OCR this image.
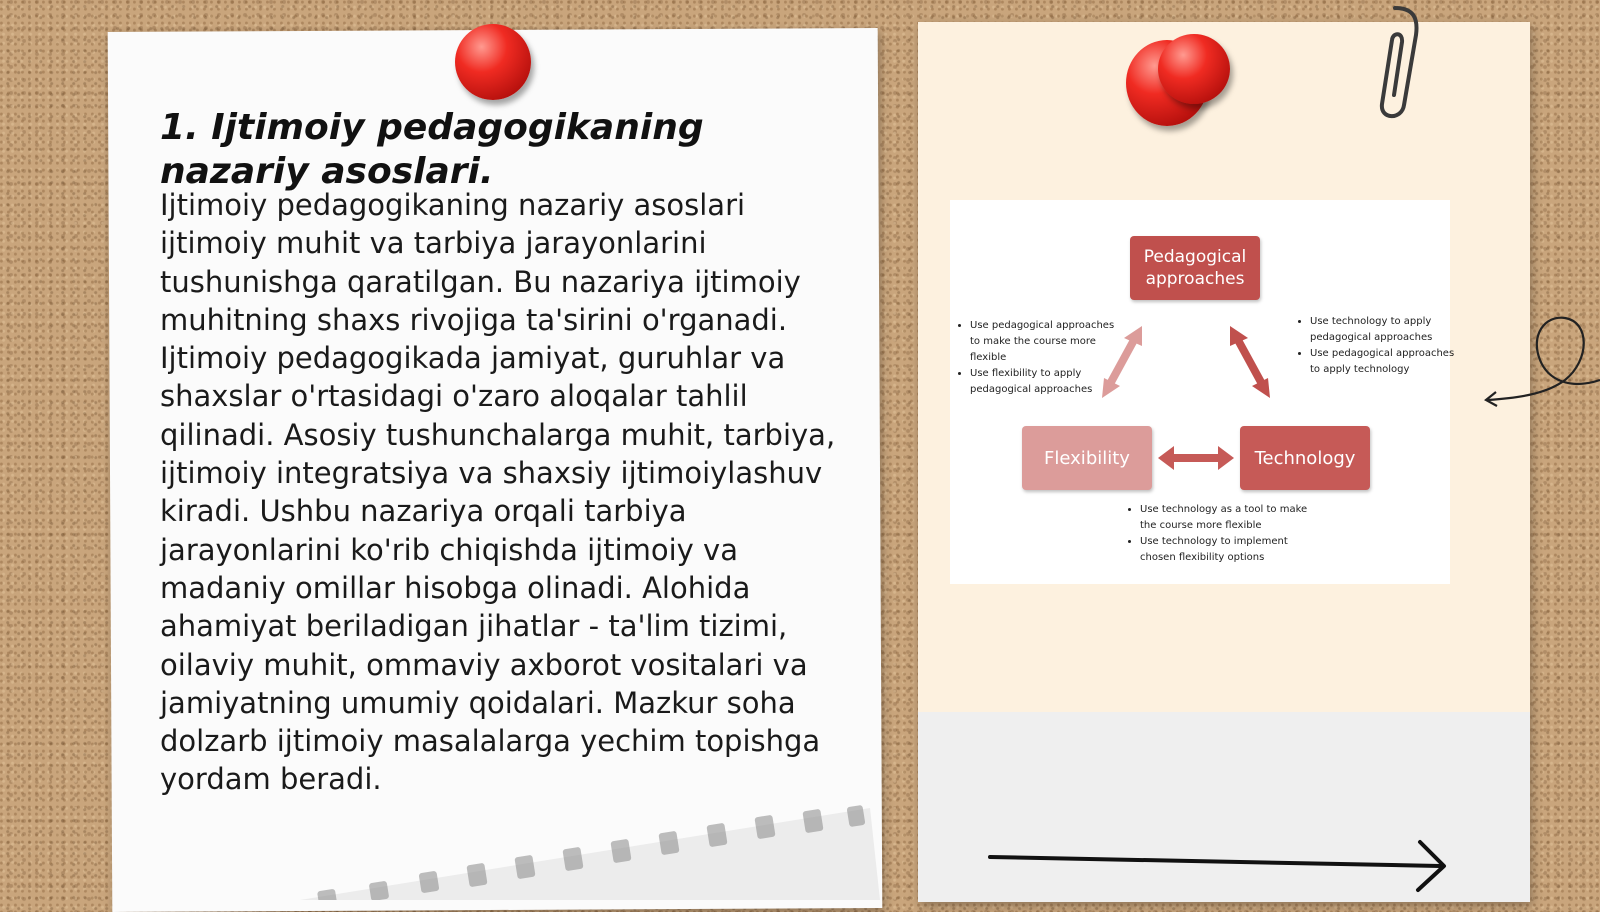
1. Ijtimoiy pedagogikaning nazariy asoslari.

Ijtimoiy pedagogikaning nazariy asoslari ijtimoiy muhit va tarbiya jarayonlarini tushunishga qaratilgan. Bu nazariya ijtimoiy muhitning shaxs rivojiga ta'sirini o'rganadi. Ijtimoiy pedagogikada jamiyat, guruhlar va shaxslar o'rtasidagi o'zaro aloqalar tahlil qilinadi. Asosiy tushunchalarga muhit, tarbiya, ijtimoiy integratsiya va shaxsiy ijtimoiylashuv kiradi. Ushbu nazariya orqali tarbiya jarayonlarini ko'rib chiqishda ijtimoiy va madaniy omillar hisobga olinadi. Alohida ahamiyat beriladigan jihatlar - ta'lim tizimi, oilaviy muhit, ommaviy axborot vositalari va jamiyatning umumiy qoidalari. Mazkur soha dolzarb ijtimoiy masalalarga yechim topishga yordam beradi.

Pedagogical approaches
Flexibility	Technology
• Use pedagogical approaches to make the course more flexible
• Use flexibility to apply pedagogical approaches
• Use technology to apply pedagogical approaches
• Use pedagogical approaches to apply technology
• Use technology as a tool to make the course more flexible
• Use technology to implement chosen flexibility options
